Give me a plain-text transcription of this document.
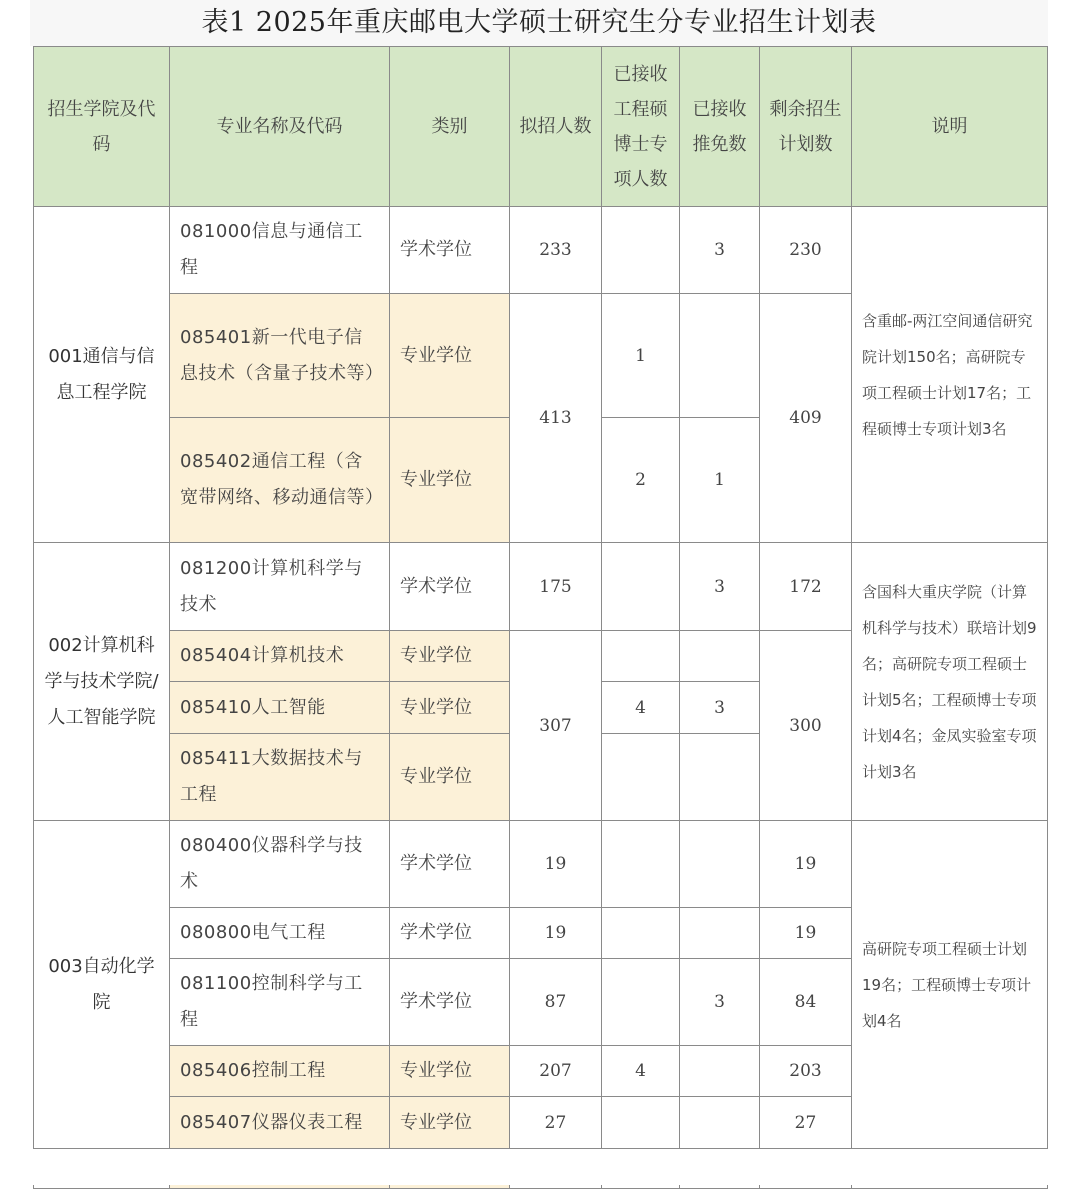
表1 2025年重庆邮电大学硕士研究生分专业招生计划表
招生学院及代码	专业名称及代码	类别	拟招人数	已接收工程硕博士专项人数	已接收推免数	剩余招生计划数	说明
001通信与信息工程学院	081000信息与通信工程	学术学位	233		3	230	含重邮-两江空间通信研究院计划150名；高研院专项工程硕士计划17名；工程硕博士专项计划3名
	085401新一代电子信息技术（含量子技术等）	专业学位	413	1		409	
	085402通信工程（含宽带网络、移动通信等）	专业学位		2	1		
002计算机科学与技术学院/人工智能学院	081200计算机科学与技术	学术学位	175		3	172	含国科大重庆学院（计算机科学与技术）联培计划9名；高研院专项工程硕士计划5名；工程硕博士专项计划4名；金凤实验室专项计划3名
	085404计算机技术	专业学位	307			300	
	085410人工智能	专业学位		4	3		
	085411大数据技术与工程	专业学位					
003自动化学院	080400仪器科学与技术	学术学位	19			19	高研院专项工程硕士计划19名；工程硕博士专项计划4名
	080800电气工程	学术学位	19			19	
	081100控制科学与工程	学术学位	87		3	84	
	085406控制工程	专业学位	207	4		203	
	085407仪器仪表工程	专业学位	27			27	
